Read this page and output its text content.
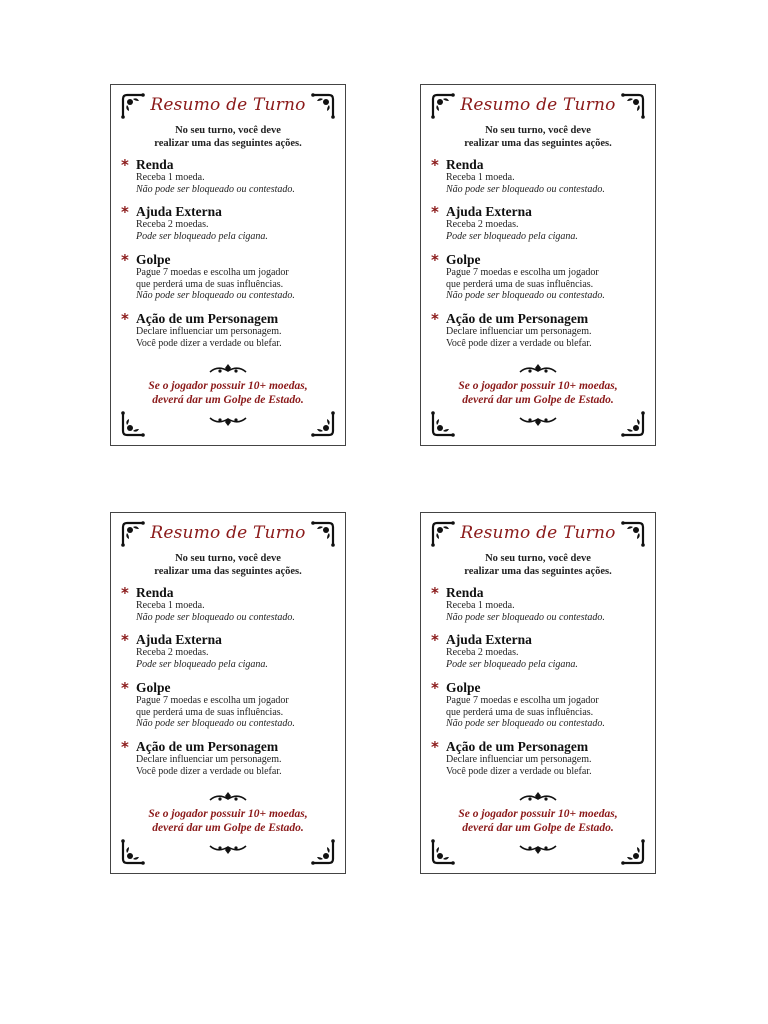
Resumo de Turno
No seu turno, você deve
realizar uma das seguintes ações.
* Renda
Receba 1 moeda.
Não pode ser bloqueado ou contestado.
* Ajuda Externa
Receba 2 moedas.
Pode ser bloqueado pela cigana.
* Golpe
Pague 7 moedas e escolha um jogador
que perderá uma de suas influências.
Não pode ser bloqueado ou contestado.
* Ação de um Personagem
Declare influenciar um personagem.
Você pode dizer a verdade ou blefar.
Se o jogador possuir 10+ moedas,
deverá dar um Golpe de Estado.
Resumo de Turno
No seu turno, você deve
realizar uma das seguintes ações.
* Renda
Receba 1 moeda.
Não pode ser bloqueado ou contestado.
* Ajuda Externa
Receba 2 moedas.
Pode ser bloqueado pela cigana.
* Golpe
Pague 7 moedas e escolha um jogador
que perderá uma de suas influências.
Não pode ser bloqueado ou contestado.
* Ação de um Personagem
Declare influenciar um personagem.
Você pode dizer a verdade ou blefar.
Se o jogador possuir 10+ moedas,
deverá dar um Golpe de Estado.
Resumo de Turno
No seu turno, você deve
realizar uma das seguintes ações.
* Renda
Receba 1 moeda.
Não pode ser bloqueado ou contestado.
* Ajuda Externa
Receba 2 moedas.
Pode ser bloqueado pela cigana.
* Golpe
Pague 7 moedas e escolha um jogador
que perderá uma de suas influências.
Não pode ser bloqueado ou contestado.
* Ação de um Personagem
Declare influenciar um personagem.
Você pode dizer a verdade ou blefar.
Se o jogador possuir 10+ moedas,
deverá dar um Golpe de Estado.
Resumo de Turno
No seu turno, você deve
realizar uma das seguintes ações.
* Renda
Receba 1 moeda.
Não pode ser bloqueado ou contestado.
* Ajuda Externa
Receba 2 moedas.
Pode ser bloqueado pela cigana.
* Golpe
Pague 7 moedas e escolha um jogador
que perderá uma de suas influências.
Não pode ser bloqueado ou contestado.
* Ação de um Personagem
Declare influenciar um personagem.
Você pode dizer a verdade ou blefar.
Se o jogador possuir 10+ moedas,
deverá dar um Golpe de Estado.
